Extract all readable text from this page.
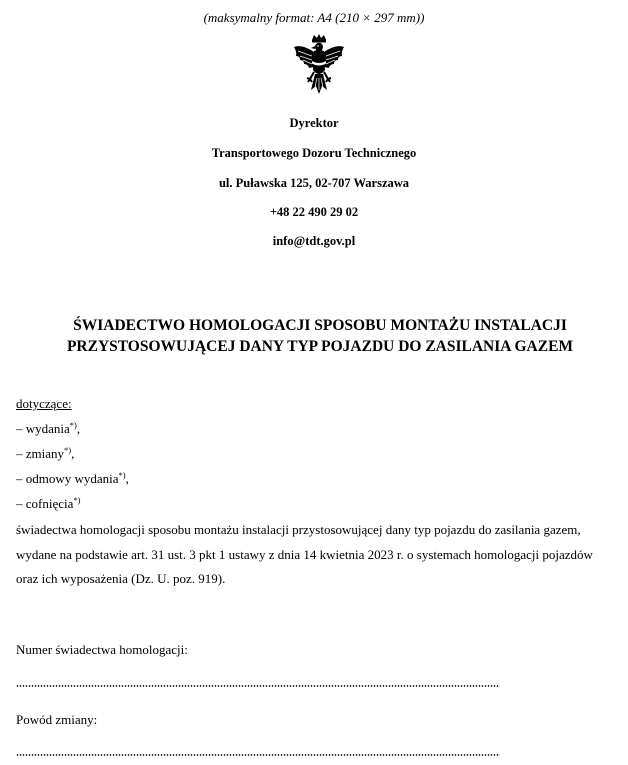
(maksymalny format: A4 (210 × 297 mm))
Dyrektor
Transportowego Dozoru Technicznego
ul. Puławska 125, 02-707 Warszawa
+48 22 490 29 02
info@tdt.gov.pl
ŚWIADECTWO HOMOLOGACJI SPOSOBU MONTAŻU INSTALACJI
PRZYSTOSOWUJĄCEJ DANY TYP POJAZDU DO ZASILANIA GAZEM
dotyczące:
– wydania*),
– zmiany*),
– odmowy wydania*),
– cofnięcia*)
świadectwa homologacji sposobu montażu instalacji przystosowującej dany typ pojazdu do zasilania gazem,
wydane na podstawie art. 31 ust. 3 pkt 1 ustawy z dnia 14 kwietnia 2023 r. o systemach homologacji pojazdów
oraz ich wyposażenia (Dz. U. poz. 919).
Numer świadectwa homologacji:
Powód zmiany:
